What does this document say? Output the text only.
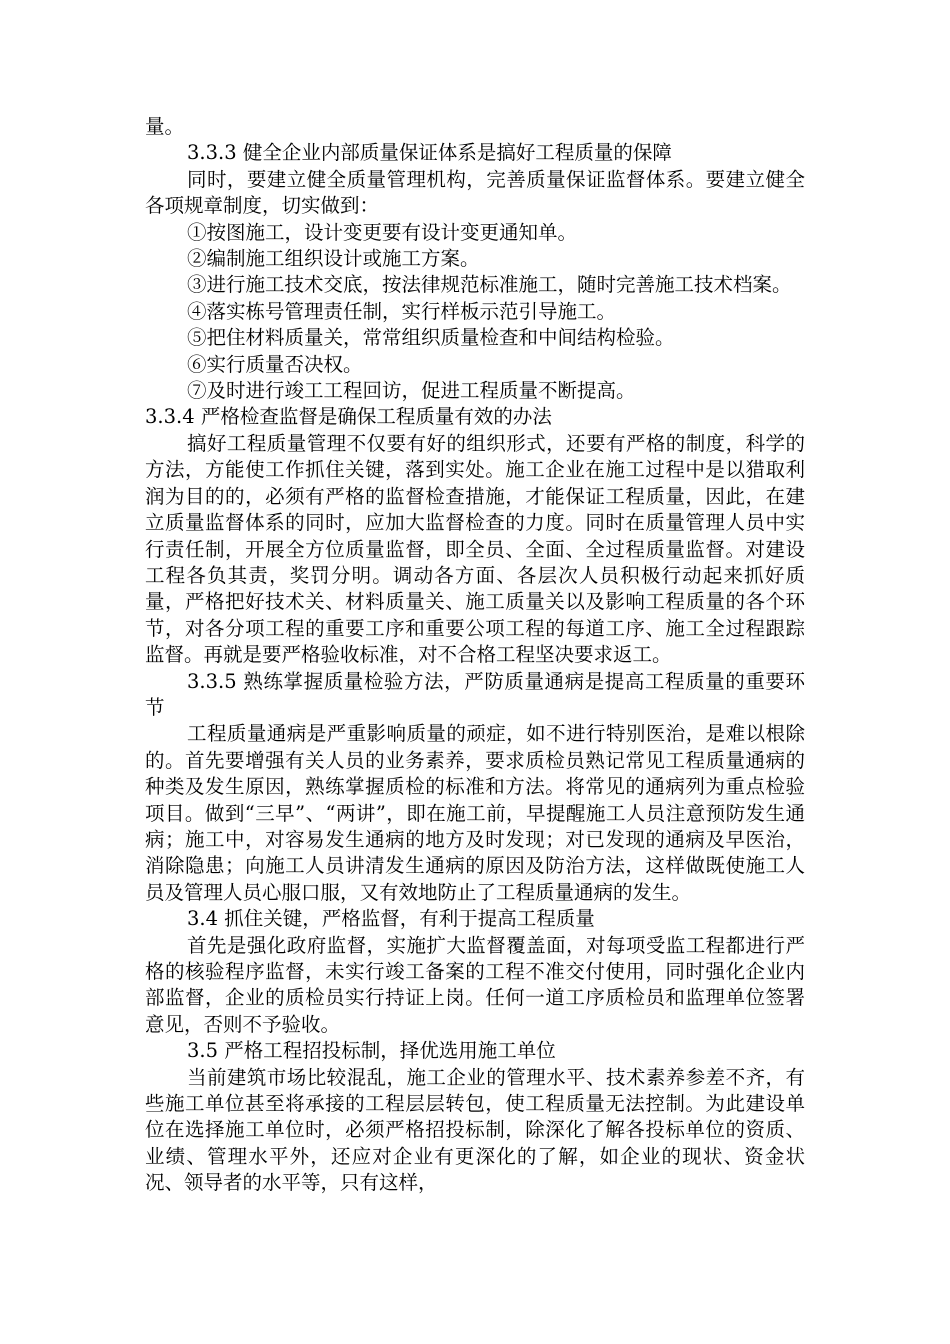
量。

3.3.3 健全企业内部质量保证体系是搞好工程质量的保障

同时，要建立健全质量管理机构，完善质量保证监督体系。要建立健全各项规章制度，切实做到：

①按图施工，设计变更要有设计变更通知单。

②编制施工组织设计或施工方案。

③进行施工技术交底，按法律规范标准施工，随时完善施工技术档案。

④落实栋号管理责任制，实行样板示范引导施工。

⑤把住材料质量关，常常组织质量检查和中间结构检验。

⑥实行质量否决权。

⑦及时进行竣工工程回访，促进工程质量不断提高。

3.3.4 严格检查监督是确保工程质量有效的办法

搞好工程质量管理不仅要有好的组织形式，还要有严格的制度，科学的方法，方能使工作抓住关键，落到实处。施工企业在施工过程中是以猎取利润为目的的，必须有严格的监督检查措施，才能保证工程质量，因此，在建立质量监督体系的同时，应加大监督检查的力度。同时在质量管理人员中实行责任制，开展全方位质量监督，即全员、全面、全过程质量监督。对建设工程各负其责，奖罚分明。调动各方面、各层次人员积极行动起来抓好质量，严格把好技术关、材料质量关、施工质量关以及影响工程质量的各个环节，对各分项工程的重要工序和重要公项工程的每道工序、施工全过程跟踪监督。再就是要严格验收标准，对不合格工程坚决要求返工。

3.3.5 熟练掌握质量检验方法，严防质量通病是提高工程质量的重要环节

工程质量通病是严重影响质量的顽症，如不进行特别医治，是难以根除的。首先要增强有关人员的业务素养，要求质检员熟记常见工程质量通病的种类及发生原因，熟练掌握质检的标准和方法。将常见的通病列为重点检验项目。做到“三早”、“两讲”，即在施工前，早提醒施工人员注意预防发生通病；施工中，对容易发生通病的地方及时发现；对已发现的通病及早医治，消除隐患；向施工人员讲清发生通病的原因及防治方法，这样做既使施工人员及管理人员心服口服，又有效地防止了工程质量通病的发生。

3.4 抓住关键，严格监督，有利于提高工程质量

首先是强化政府监督，实施扩大监督覆盖面，对每项受监工程都进行严格的核验程序监督，未实行竣工备案的工程不准交付使用，同时强化企业内部监督，企业的质检员实行持证上岗。任何一道工序质检员和监理单位签署意见，否则不予验收。

3.5 严格工程招投标制，择优选用施工单位

当前建筑市场比较混乱，施工企业的管理水平、技术素养参差不齐，有些施工单位甚至将承接的工程层层转包，使工程质量无法控制。为此建设单位在选择施工单位时，必须严格招投标制，除深化了解各投标单位的资质、业绩、管理水平外，还应对企业有更深化的了解，如企业的现状、资金状况、领导者的水平等，只有这样，
